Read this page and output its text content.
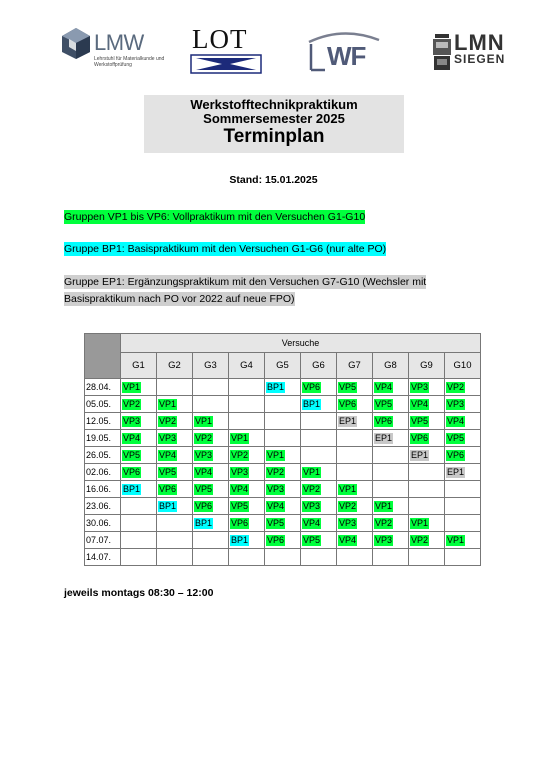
LMW
Lehrstuhl für Materialkunde und Werkstoffprüfung
LOT
WF	LMN
SIEGEN
Werkstofftechnikpraktikum
Sommersemester 2025
Terminplan
Stand: 15.01.2025
Gruppen VP1 bis VP6: Vollpraktikum mit den Versuchen G1-G10
Gruppe BP1: Basispraktikum mit den Versuchen G1-G6 (nur alte PO)
Gruppe EP1: Ergänzungspraktikum mit den Versuchen G7-G10 (Wechsler mit Basispraktikum nach PO vor 2022 auf neue FPO)
	Versuche									
	G1	G2	G3	G4	G5	G6	G7	G8	G9	G10
28.04.	VP1				BP1	VP6	VP5	VP4	VP3	VP2
05.05.	VP2	VP1				BP1	VP6	VP5	VP4	VP3
12.05.	VP3	VP2	VP1				EP1	VP6	VP5	VP4
19.05.	VP4	VP3	VP2	VP1				EP1	VP6	VP5
26.05.	VP5	VP4	VP3	VP2	VP1				EP1	VP6
02.06.	VP6	VP5	VP4	VP3	VP2	VP1				EP1
16.06.	BP1	VP6	VP5	VP4	VP3	VP2	VP1			
23.06.		BP1	VP6	VP5	VP4	VP3	VP2	VP1		
30.06.			BP1	VP6	VP5	VP4	VP3	VP2	VP1	
07.07.				BP1	VP6	VP5	VP4	VP3	VP2	VP1
14.07.										
jeweils montags 08:30 – 12:00
